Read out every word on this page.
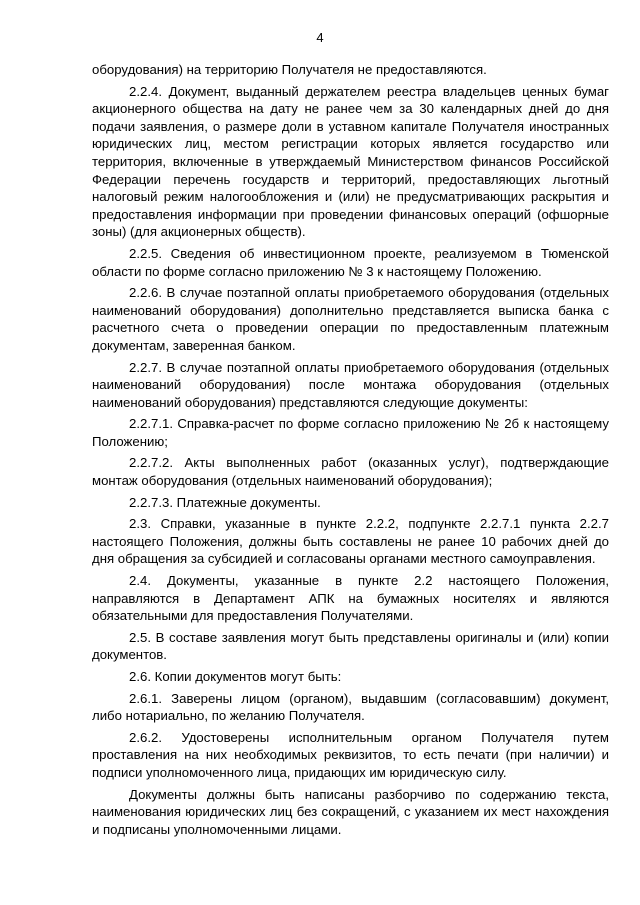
4

оборудования) на территорию Получателя не предоставляются.

2.2.4. Документ, выданный держателем реестра владельцев ценных бумаг акционерного общества на дату не ранее чем за 30 календарных дней до дня подачи заявления, о размере доли в уставном капитале Получателя иностранных юридических лиц, местом регистрации которых является государство или территория, включенные в утверждаемый Министерством финансов Российской Федерации перечень государств и территорий, предоставляющих льготный налоговый режим налогообложения и (или) не предусматривающих раскрытия и предоставления информации при проведении финансовых операций (офшорные зоны) (для акционерных обществ).

2.2.5. Сведения об инвестиционном проекте, реализуемом в Тюменской области по форме согласно приложению № 3 к настоящему Положению.

2.2.6. В случае поэтапной оплаты приобретаемого оборудования (отдельных наименований оборудования) дополнительно представляется выписка банка с расчетного счета о проведении операции по предоставленным платежным документам, заверенная банком.

2.2.7. В случае поэтапной оплаты приобретаемого оборудования (отдельных наименований оборудования) после монтажа оборудования (отдельных наименований оборудования) представляются следующие документы:

2.2.7.1. Справка-расчет по форме согласно приложению № 2б к настоящему Положению;

2.2.7.2. Акты выполненных работ (оказанных услуг), подтверждающие монтаж оборудования (отдельных наименований оборудования);

2.2.7.3. Платежные документы.

2.3. Справки, указанные в пункте 2.2.2, подпункте 2.2.7.1 пункта 2.2.7 настоящего Положения, должны быть составлены не ранее 10 рабочих дней до дня обращения за субсидией и согласованы органами местного самоуправления.

2.4. Документы, указанные в пункте 2.2 настоящего Положения, направляются в Департамент АПК на бумажных носителях и являются обязательными для предоставления Получателями.

2.5. В составе заявления могут быть представлены оригиналы и (или) копии документов.

2.6. Копии документов могут быть:

2.6.1. Заверены лицом (органом), выдавшим (согласовавшим) документ, либо нотариально, по желанию Получателя.

2.6.2. Удостоверены исполнительным органом Получателя путем проставления на них необходимых реквизитов, то есть печати (при наличии) и подписи уполномоченного лица, придающих им юридическую силу.

Документы должны быть написаны разборчиво по содержанию текста, наименования юридических лиц без сокращений, с указанием их мест нахождения и подписаны уполномоченными лицами.
